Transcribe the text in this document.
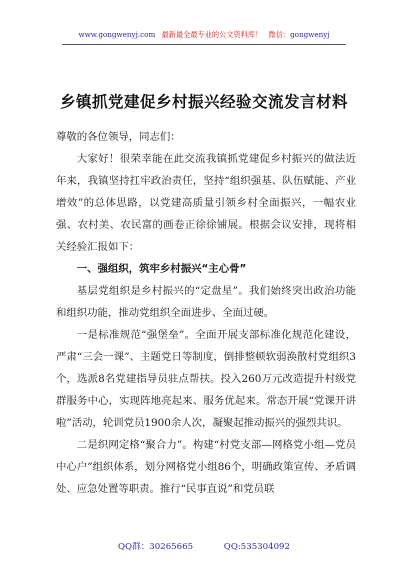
www.gongwenyj.com 最新最全最专业的公文资料库！ 微信：gongwenyj
乡镇抓党建促乡村振兴经验交流发言材料

尊敬的各位领导，同志们：

大家好！很荣幸能在此交流我镇抓党建促乡村振兴的做法近年来，我镇坚持扛牢政治责任，坚持“组织强基、队伍赋能、产业增效”的总体思路，以党建高质量引领乡村全面振兴，一幅农业强、农村美、农民富的画卷正徐徐铺展。根据会议安排，现将相关经验汇报如下：

一、强组织，筑牢乡村振兴“主心骨”

基层党组织是乡村振兴的“定盘星”。我们始终突出政治功能和组织功能，推动党组织全面进步、全面过硬。

一是标准规范“强堡垒”。全面开展支部标准化规范化建设，严肃“三会一课”、主题党日等制度，倒排整顿软弱涣散村党组织3个，选派8名党建指导员驻点帮扶。投入260万元改造提升村级党群服务中心，实现阵地亮起来、服务优起来。常态开展“党课开讲啦”活动，轮训党员1900余人次，凝聚起推动振兴的强烈共识。

二是织网定格“聚合力”。构建“村党支部—网格党小组—党员中心户”组织体系，划分网格党小组86个，明确政策宣传、矛盾调处、应急处置等职责。推行“民事直说”和党员联

QQ群：30265665	QQ:535304092
